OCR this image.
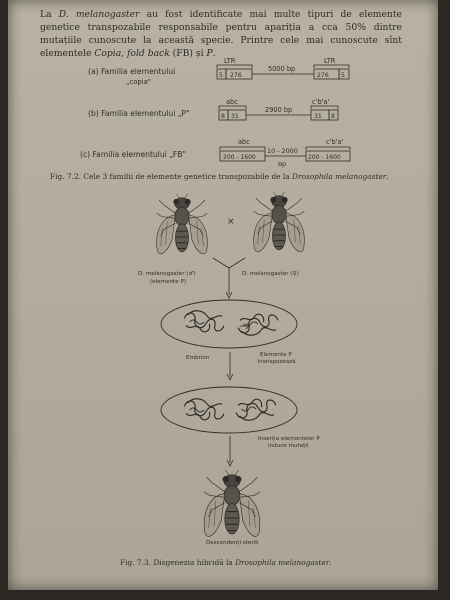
La D. melanogaster au fost identificate mai multe tipuri de elemente genetice transpozabile responsabile pentru apariția a cca 50% dintre mutațiile cunoscute la această specie. Printre cele mai cunoscute sînt elementele Copia, fold back (FB) și P.

(a) Familia elementului
„copia"
LTR	LTR
5 276	276 5
5000 bp
(b) Familia elementului „P"
abc	c'b'a'
8 31	31 8
2900 bp
(c) Familia elementului „FB"
abc	c'b'a'
200 - 1600	200 - 1600
10 - 2000
bp
Fig. 7.2. Cele 3 familii de elemente genetice transpozabile de la Drosophila melanogaster.
×
D. melanogaster (♂)
(elemente P)
D. melanogaster (♀)
Embrion	Elemente P
transpozează
Inserția elementelor P
induce mutații
Descendenți sterili
Fig. 7.3. Disgenezia hibridă la Drosophila melanogaster.
